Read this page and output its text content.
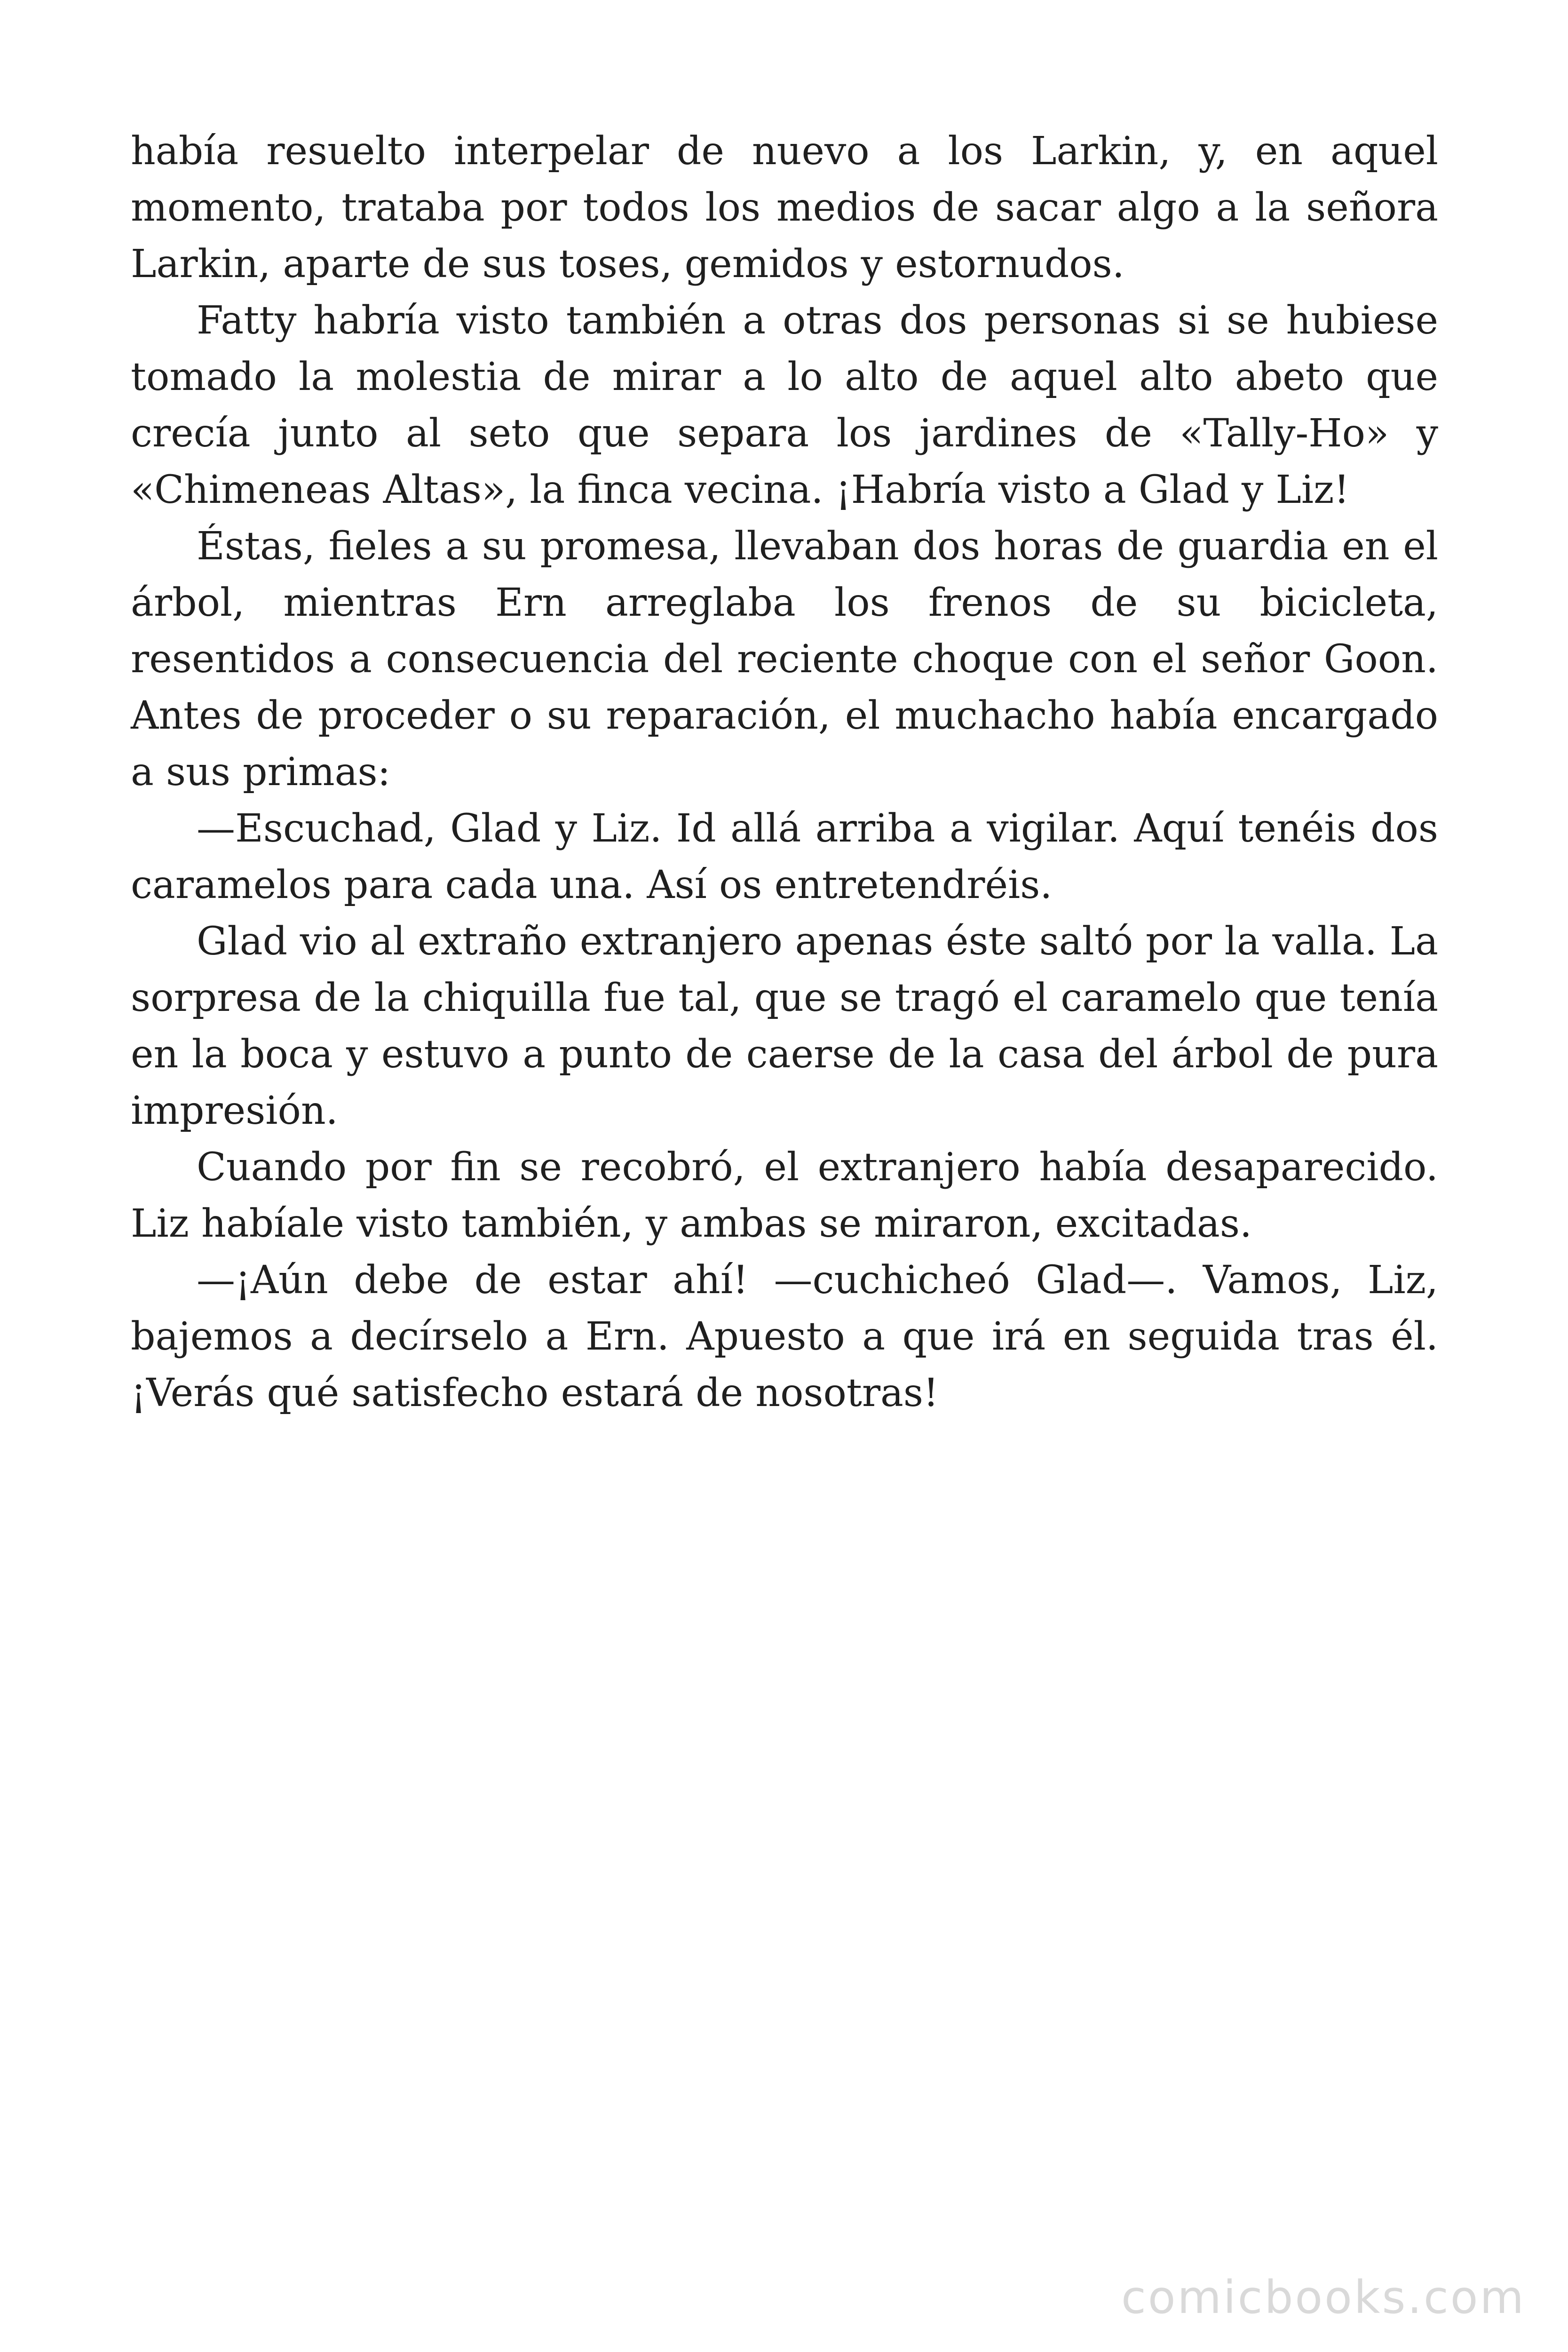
había resuelto interpelar de nuevo a los Larkin, y, en aquel momento, trataba por todos los medios de sacar algo a la señora Larkin, aparte de sus toses, gemidos y estornudos.

Fatty habría visto también a otras dos personas si se hubiese tomado la molestia de mirar a lo alto de aquel alto abeto que crecía junto al seto que separa los jardines de «Tally-Ho» y «Chimeneas Altas», la finca vecina. ¡Habría visto a Glad y Liz!

Éstas, fieles a su promesa, llevaban dos horas de guardia en el árbol, mientras Ern arreglaba los frenos de su bicicleta, resentidos a consecuencia del reciente choque con el señor Goon. Antes de proceder o su reparación, el muchacho había encargado a sus primas:

—Escuchad, Glad y Liz. Id allá arriba a vigilar. Aquí tenéis dos caramelos para cada una. Así os entretendréis.

Glad vio al extraño extranjero apenas éste saltó por la valla. La sorpresa de la chiquilla fue tal, que se tragó el caramelo que tenía en la boca y estuvo a punto de caerse de la casa del árbol de pura impresión.

Cuando por fin se recobró, el extranjero había desaparecido. Liz habíale visto también, y ambas se miraron, excitadas.

—¡Aún debe de estar ahí! —cuchicheó Glad—. Vamos, Liz, bajemos a decírselo a Ern. Apuesto a que irá en seguida tras él. ¡Verás qué satisfecho estará de nosotras!

comicbooks.com
